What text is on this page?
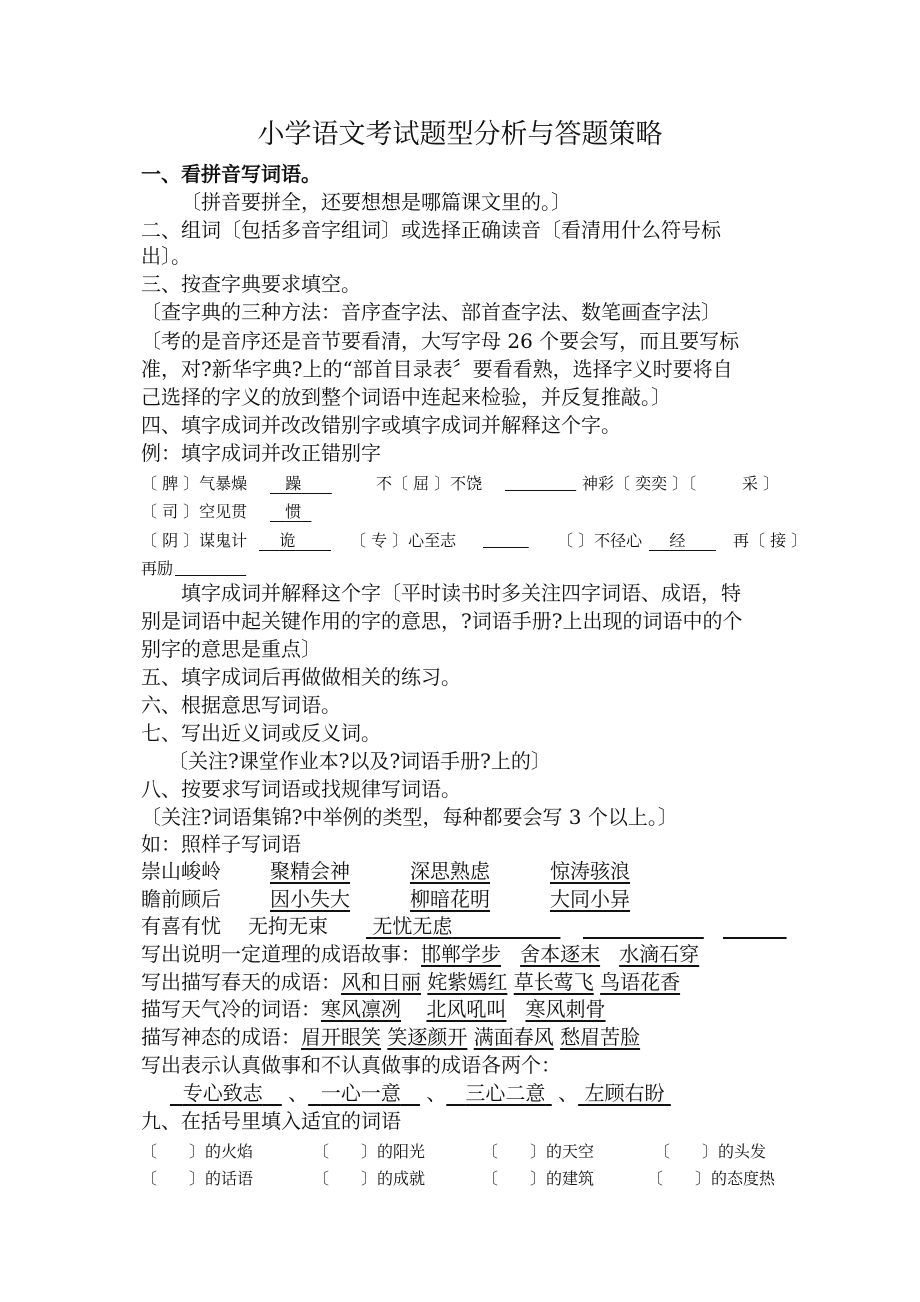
小学语文考试题型分析与答题策略
一、看拼音写词语。
〔拼音要拼全，还要想想是哪篇课文里的。〕
二、组词〔包括多音字组词〕或选择正确读音〔看清用什么符号标
出〕。
三、按查字典要求填空。
〔查字典的三种方法：音序查字法、部首查字法、数笔画查字法〕
〔考的是音序还是音节要看清，大写字母 26 个要会写，而且要写标
准，对?新华字典?上的“部首目录表〞要看看熟，选择字义时要将自
己选择的字义的放到整个词语中连起来检验，并反复推敲。〕
四、填字成词并改改错别字或填字成词并解释这个字。
例：填字成词并改正错别字
〔 脾 〕气暴燥	躁	不〔 屈 〕不饶
	神彩〔 奕奕 〕〔	采 〕
〔 司 〕空见贯	惯
〔 阴 〕谋鬼计	诡	〔 专 〕心至志
	〔 〕不径心	经	再〔 接 〕
再励

填字成词并解释这个字〔平时读书时多关注四字词语、成语，特
别是词语中起关键作用的字的意思，?词语手册?上出现的词语中的个
别字的意思是重点〕
五、填字成词后再做做相关的练习。
六、根据意思写词语。
七、写出近义词或反义词。
〔关注?课堂作业本?以及?词语手册?上的〕
八、按要求写词语或找规律写词语。
〔关注?词语集锦?中举例的类型，每种都要会写 3 个以上。〕
如：照样子写词语
崇山峻岭 聚精会神	深思熟虑	惊涛骇浪
瞻前顾后 因小失大	柳暗花明	大同小异
有喜有忧 无拘无束	无忧无虑

写出说明一定道理的成语故事：邯郸学步 舍本逐末 水滴石穿
写出描写春天的成语：风和日丽 姹紫嫣红 草长莺飞 鸟语花香
描写天气冷的词语：寒风凛冽 北风吼叫 寒风刺骨
描写神态的成语：眉开眼笑 笑逐颜开 满面春风 愁眉苦脸
写出表示认真做事和不认真做事的成语各两个：
专心致志 、 一心一意 、 三心二意 、 左顾右盼
九、在括号里填入适宜的词语
〔　　〕的火焰	〔　　〕的阳光	〔　　〕的天空	〔　　〕的头发
〔　　〕的话语	〔　　〕的成就	〔　　〕的建筑	〔　　〕的态度热
